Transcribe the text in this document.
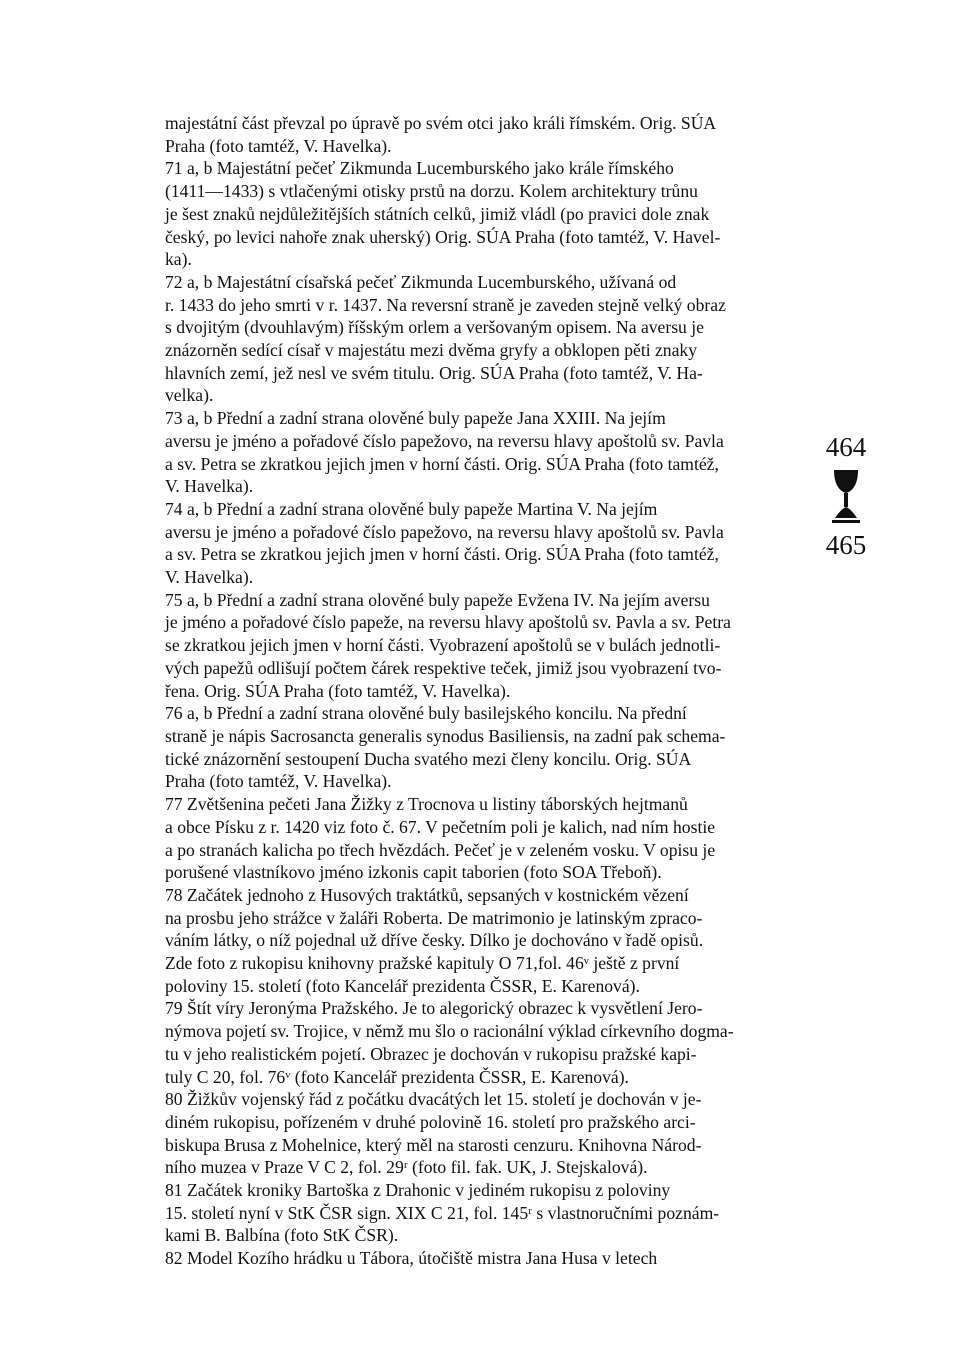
majestátní část převzal po úpravě po svém otci jako králi římském. Orig. SÚA
Praha (foto tamtéž, V. Havelka).
71 a, b Majestátní pečeť Zikmunda Lucemburského jako krále římského
(1411—1433) s vtlačenými otisky prstů na dorzu. Kolem architektury trůnu
je šest znaků nejdůležitějších státních celků, jimiž vládl (po pravici dole znak
český, po levici nahoře znak uherský) Orig. SÚA Praha (foto tamtéž, V. Havel-
ka).
72 a, b Majestátní císařská pečeť Zikmunda Lucemburského, užívaná od
r. 1433 do jeho smrti v r. 1437. Na reversní straně je zaveden stejně velký obraz
s dvojitým (dvouhlavým) říšským orlem a veršovaným opisem. Na aversu je
znázorněn sedící císař v majestátu mezi dvěma gryfy a obklopen pěti znaky
hlavních zemí, jež nesl ve svém titulu. Orig. SÚA Praha (foto tamtéž, V. Ha-
velka).
73 a, b Přední a zadní strana olověné buly papeže Jana XXIII. Na jejím
aversu je jméno a pořadové číslo papežovo, na reversu hlavy apoštolů sv. Pavla
a sv. Petra se zkratkou jejich jmen v horní části. Orig. SÚA Praha (foto tamtéž,
V. Havelka).
74 a, b Přední a zadní strana olověné buly papeže Martina V. Na jejím
aversu je jméno a pořadové číslo papežovo, na reversu hlavy apoštolů sv. Pavla
a sv. Petra se zkratkou jejich jmen v horní části. Orig. SÚA Praha (foto tamtéž,
V. Havelka).
75 a, b Přední a zadní strana olověné buly papeže Evžena IV. Na jejím aversu
je jméno a pořadové číslo papeže, na reversu hlavy apoštolů sv. Pavla a sv. Petra
se zkratkou jejich jmen v horní části. Vyobrazení apoštolů se v bulách jednotli-
vých papežů odlišují počtem čárek respektive teček, jimiž jsou vyobrazení tvo-
řena. Orig. SÚA Praha (foto tamtéž, V. Havelka).
76 a, b Přední a zadní strana olověné buly basilejského koncilu. Na přední
straně je nápis Sacrosancta generalis synodus Basiliensis, na zadní pak schema-
tické znázornění sestoupení Ducha svatého mezi členy koncilu. Orig. SÚA
Praha (foto tamtéž, V. Havelka).
77 Zvětšenina pečeti Jana Žižky z Trocnova u listiny táborských hejtmanů
a obce Písku z r. 1420 viz foto č. 67. V pečetním poli je kalich, nad ním hostie
a po stranách kalicha po třech hvězdách. Pečeť je v zeleném vosku. V opisu je
porušené vlastníkovo jméno izkonis capit taborien (foto SOA Třeboň).
78 Začátek jednoho z Husových traktátků, sepsaných v kostnickém vězení
na prosbu jeho strážce v žaláři Roberta. De matrimonio je latinským zpraco-
váním látky, o níž pojednal už dříve česky. Dílko je dochováno v řadě opisů.
Zde foto z rukopisu knihovny pražské kapituly O 71,fol. 46ᵛ ještě z první
poloviny 15. století (foto Kancelář prezidenta ČSSR, E. Karenová).
79 Štít víry Jeronýma Pražského. Je to alegorický obrazec k vysvětlení Jero-
nýmova pojetí sv. Trojice, v němž mu šlo o racionální výklad církevního dogma-
tu v jeho realistickém pojetí. Obrazec je dochován v rukopisu pražské kapi-
tuly C 20, fol. 76ᵛ (foto Kancelář prezidenta ČSSR, E. Karenová).
80 Žižkův vojenský řád z počátku dvacátých let 15. století je dochován v je-
diném rukopisu, pořízeném v druhé polovině 16. století pro pražského arci-
biskupa Brusa z Mohelnice, který měl na starosti cenzuru. Knihovna Národ-
ního muzea v Praze V C 2, fol. 29ʳ (foto fil. fak. UK, J. Stejskalová).
81 Začátek kroniky Bartoška z Drahonic v jediném rukopisu z poloviny
15. století nyní v StK ČSR sign. XIX C 21, fol. 145ʳ s vlastnoručními poznám-
kami B. Balbína (foto StK ČSR).
82 Model Kozího hrádku u Tábora, útočiště mistra Jana Husa v letech
464
465
